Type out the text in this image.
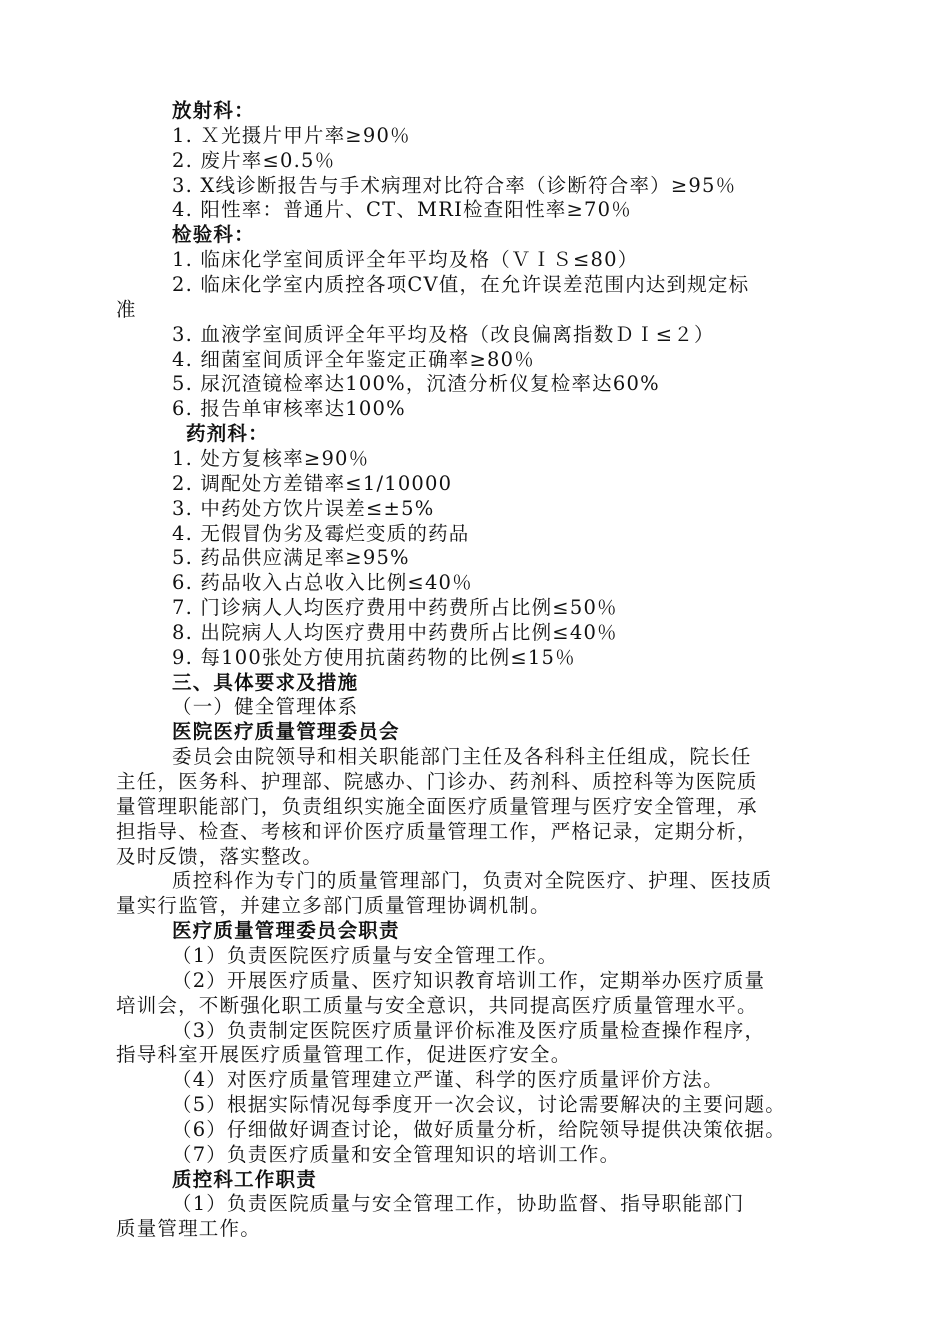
放射科：
1. Ｘ光摄片甲片率≥90％
2. 废片率≤0.5％
3. X线诊断报告与手术病理对比符合率（诊断符合率）≥95％
4. 阳性率：普通片、CT、MRI检查阳性率≥70％
检验科：
1. 临床化学室间质评全年平均及格（ＶＩＳ≤80）
2. 临床化学室内质控各项CV值，在允许误差范围内达到规定标
准
3. 血液学室间质评全年平均及格（改良偏离指数ＤＩ≤２）
4. 细菌室间质评全年鉴定正确率≥80％
5. 尿沉渣镜检率达100%，沉渣分析仪复检率达60%
6. 报告单审核率达100%
药剂科：
1. 处方复核率≥90％
2. 调配处方差错率≤1/10000
3. 中药处方饮片误差≤±5%
4. 无假冒伪劣及霉烂变质的药品
5. 药品供应满足率≥95%
6. 药品收入占总收入比例≤40％
7. 门诊病人人均医疗费用中药费所占比例≤50％
8. 出院病人人均医疗费用中药费所占比例≤40％
9. 每100张处方使用抗菌药物的比例≤15％
三、具体要求及措施
（一）健全管理体系
医院医疗质量管理委员会
委员会由院领导和相关职能部门主任及各科科主任组成，院长任
主任，医务科、护理部、院感办、门诊办、药剂科、质控科等为医院质
量管理职能部门，负责组织实施全面医疗质量管理与医疗安全管理，承
担指导、检查、考核和评价医疗质量管理工作，严格记录，定期分析，
及时反馈，落实整改。
质控科作为专门的质量管理部门，负责对全院医疗、护理、医技质
量实行监管，并建立多部门质量管理协调机制。
医疗质量管理委员会职责
（1）负责医院医疗质量与安全管理工作。
（2）开展医疗质量、医疗知识教育培训工作，定期举办医疗质量
培训会，不断强化职工质量与安全意识，共同提高医疗质量管理水平。
（3）负责制定医院医疗质量评价标准及医疗质量检查操作程序，
指导科室开展医疗质量管理工作，促进医疗安全。
（4）对医疗质量管理建立严谨、科学的医疗质量评价方法。
（5）根据实际情况每季度开一次会议，讨论需要解决的主要问题。
（6）仔细做好调查讨论，做好质量分析，给院领导提供决策依据。
（7）负责医疗质量和安全管理知识的培训工作。
质控科工作职责
（1）负责医院质量与安全管理工作，协助监督、指导职能部门
质量管理工作。
